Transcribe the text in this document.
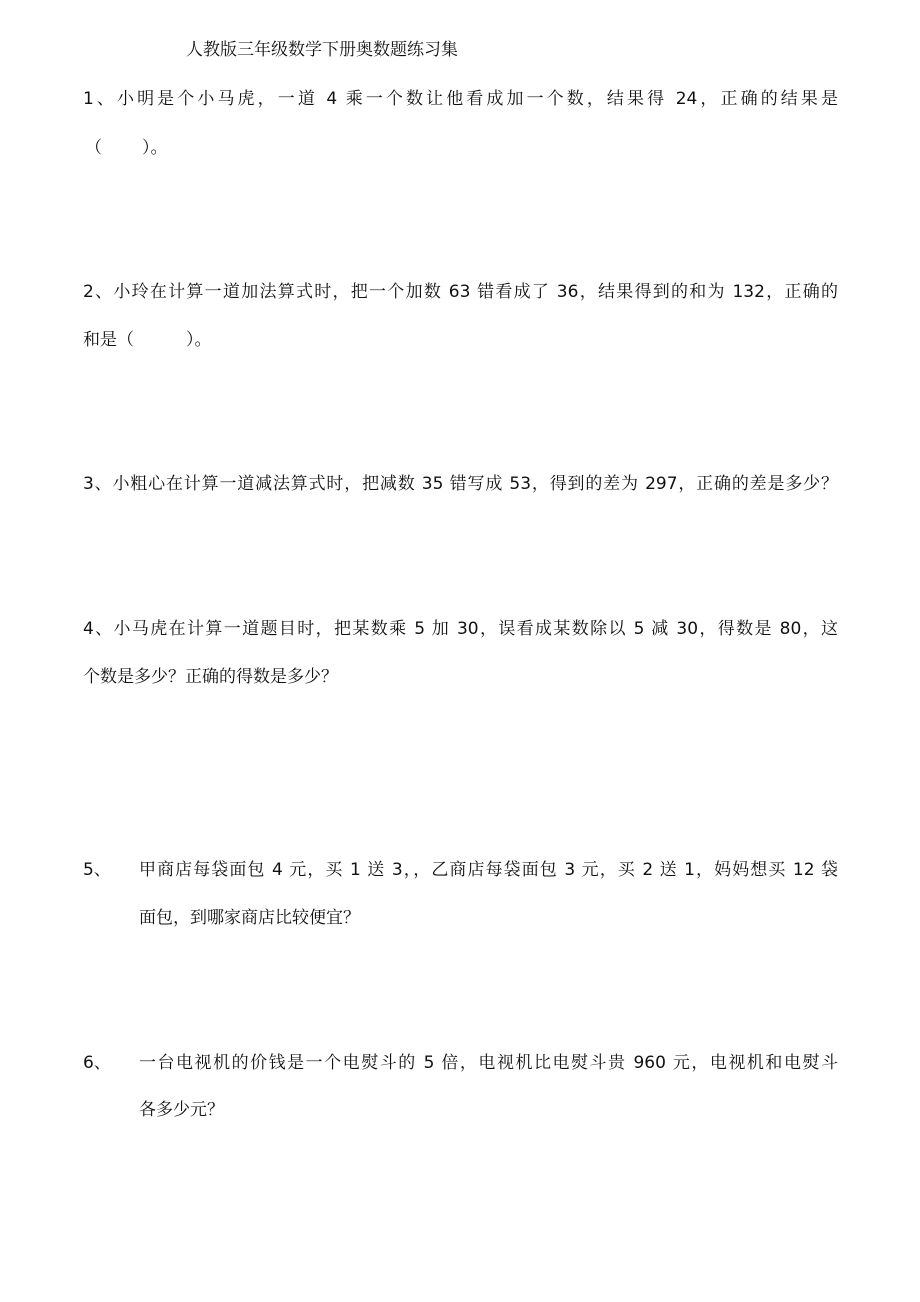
人教版三年级数学下册奥数题练习集
1、小明是个小马虎，一道 4 乘一个数让他看成加一个数，结果得 24，正确的结果是
（ ）。
2、小玲在计算一道加法算式时，把一个加数 63 错看成了 36，结果得到的和为 132，正确的
和是（	）。
3、小粗心在计算一道减法算式时，把减数 35 错写成 53，得到的差为 297，正确的差是多少？
4、小马虎在计算一道题目时，把某数乘 5 加 30，误看成某数除以 5 减 30，得数是 80，这
个数是多少？正确的得数是多少？
5、 甲商店每袋面包 4 元，买 1 送 3，，乙商店每袋面包 3 元，买 2 送 1，妈妈想买 12 袋
面包，到哪家商店比较便宜？
6、 一台电视机的价钱是一个电熨斗的 5 倍，电视机比电熨斗贵 960 元，电视机和电熨斗
各多少元？
